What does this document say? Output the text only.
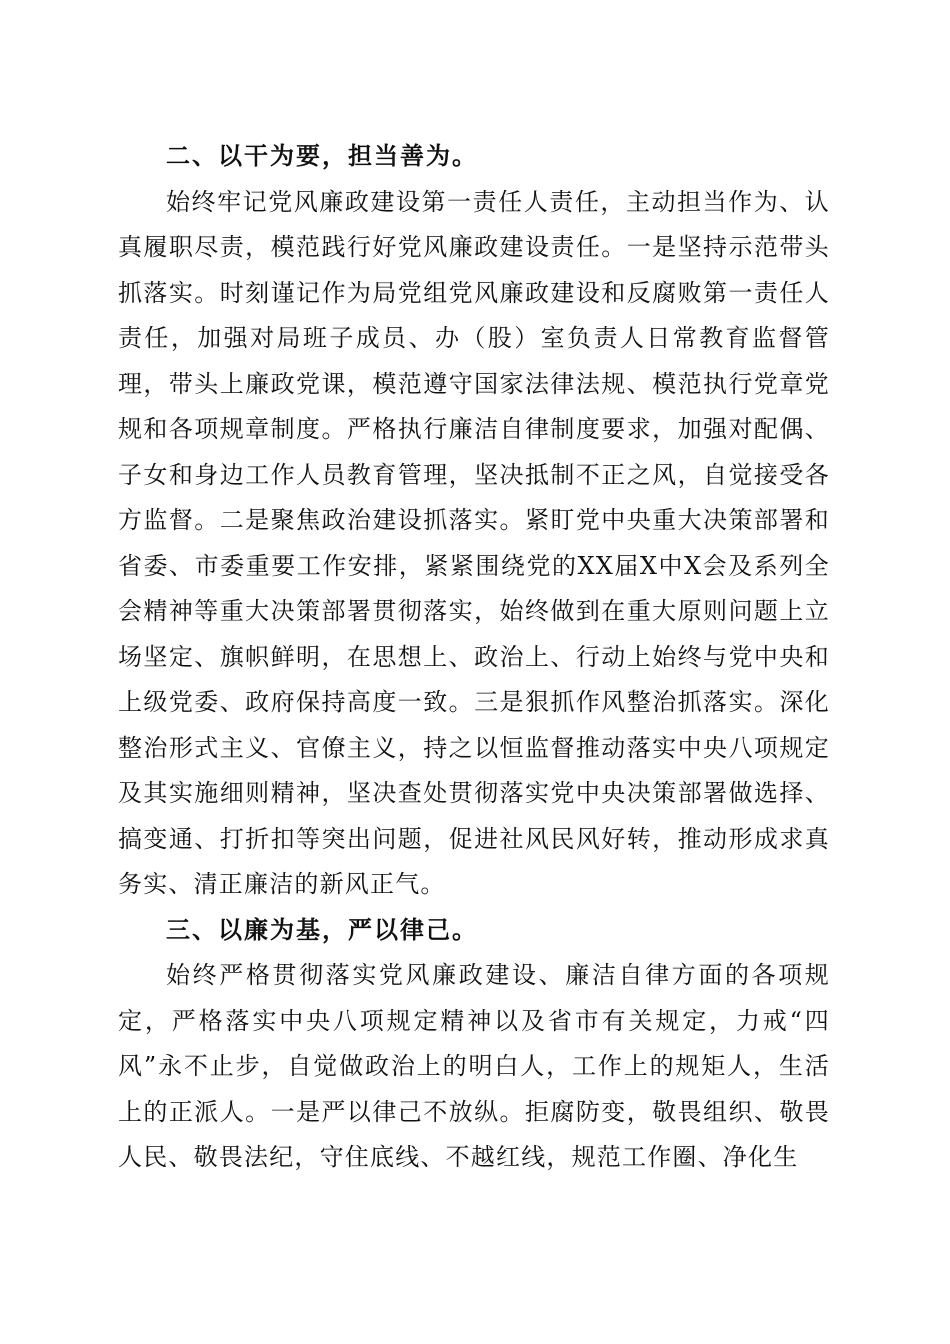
二、以干为要，担当善为。

始终牢记党风廉政建设第一责任人责任，主动担当作为、认真履职尽责，模范践行好党风廉政建设责任。一是坚持示范带头抓落实。时刻谨记作为局党组党风廉政建设和反腐败第一责任人责任，加强对局班子成员、办（股）室负责人日常教育监督管理，带头上廉政党课，模范遵守国家法律法规、模范执行党章党规和各项规章制度。严格执行廉洁自律制度要求，加强对配偶、子女和身边工作人员教育管理，坚决抵制不正之风，自觉接受各方监督。二是聚焦政治建设抓落实。紧盯党中央重大决策部署和省委、市委重要工作安排，紧紧围绕党的XX届X中X会及系列全会精神等重大决策部署贯彻落实，始终做到在重大原则问题上立场坚定、旗帜鲜明，在思想上、政治上、行动上始终与党中央和上级党委、政府保持高度一致。三是狠抓作风整治抓落实。深化整治形式主义、官僚主义，持之以恒监督推动落实中央八项规定及其实施细则精神，坚决查处贯彻落实党中央决策部署做选择、搞变通、打折扣等突出问题，促进社风民风好转，推动形成求真务实、清正廉洁的新风正气。

三、以廉为基，严以律己。

始终严格贯彻落实党风廉政建设、廉洁自律方面的各项规定，严格落实中央八项规定精神以及省市有关规定，力戒“四风”永不止步，自觉做政治上的明白人，工作上的规矩人，生活上的正派人。一是严以律己不放纵。拒腐防变，敬畏组织、敬畏人民、敬畏法纪，守住底线、不越红线，规范工作圈、净化生
